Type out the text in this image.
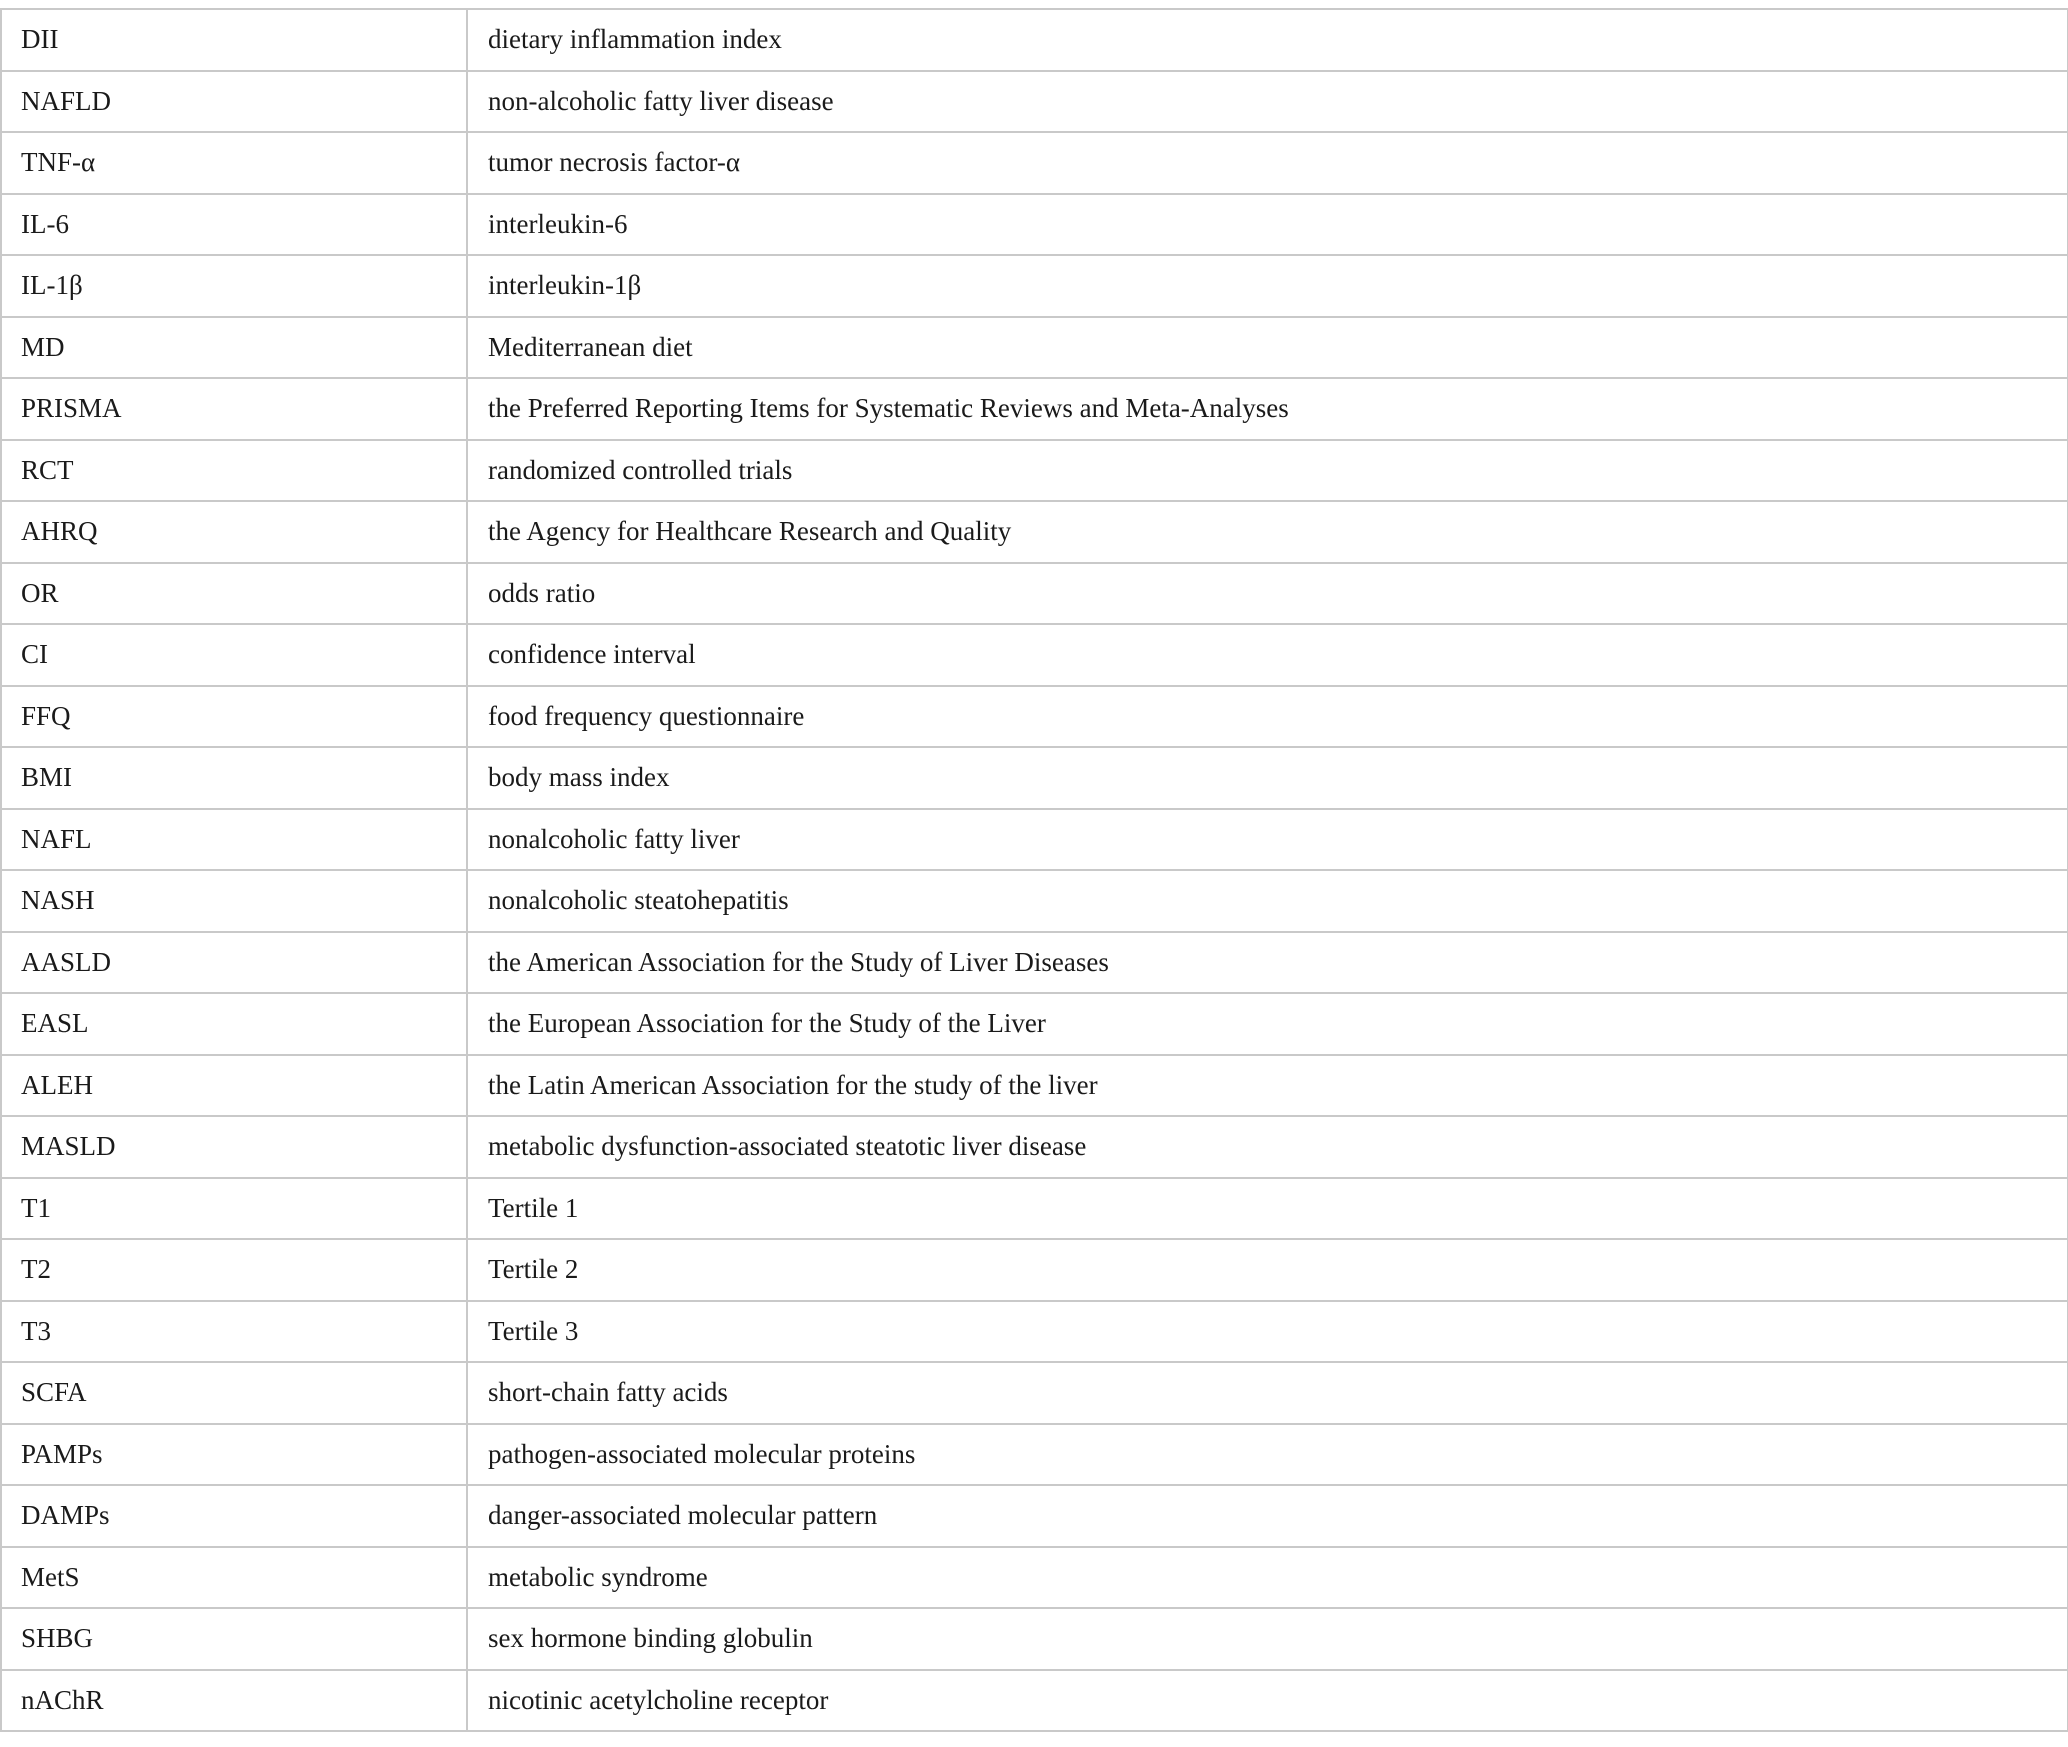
DII	dietary inflammation index
NAFLD	non-alcoholic fatty liver disease
TNF-α	tumor necrosis factor-α
IL-6	interleukin-6
IL-1β	interleukin-1β
MD	Mediterranean diet
PRISMA	the Preferred Reporting Items for Systematic Reviews and Meta-Analyses
RCT	randomized controlled trials
AHRQ	the Agency for Healthcare Research and Quality
OR	odds ratio
CI	confidence interval
FFQ	food frequency questionnaire
BMI	body mass index
NAFL	nonalcoholic fatty liver
NASH	nonalcoholic steatohepatitis
AASLD	the American Association for the Study of Liver Diseases
EASL	the European Association for the Study of the Liver
ALEH	the Latin American Association for the study of the liver
MASLD	metabolic dysfunction-associated steatotic liver disease
T1	Tertile 1
T2	Tertile 2
T3	Tertile 3
SCFA	short-chain fatty acids
PAMPs	pathogen-associated molecular proteins
DAMPs	danger-associated molecular pattern
MetS	metabolic syndrome
SHBG	sex hormone binding globulin
nAChR	nicotinic acetylcholine receptor
